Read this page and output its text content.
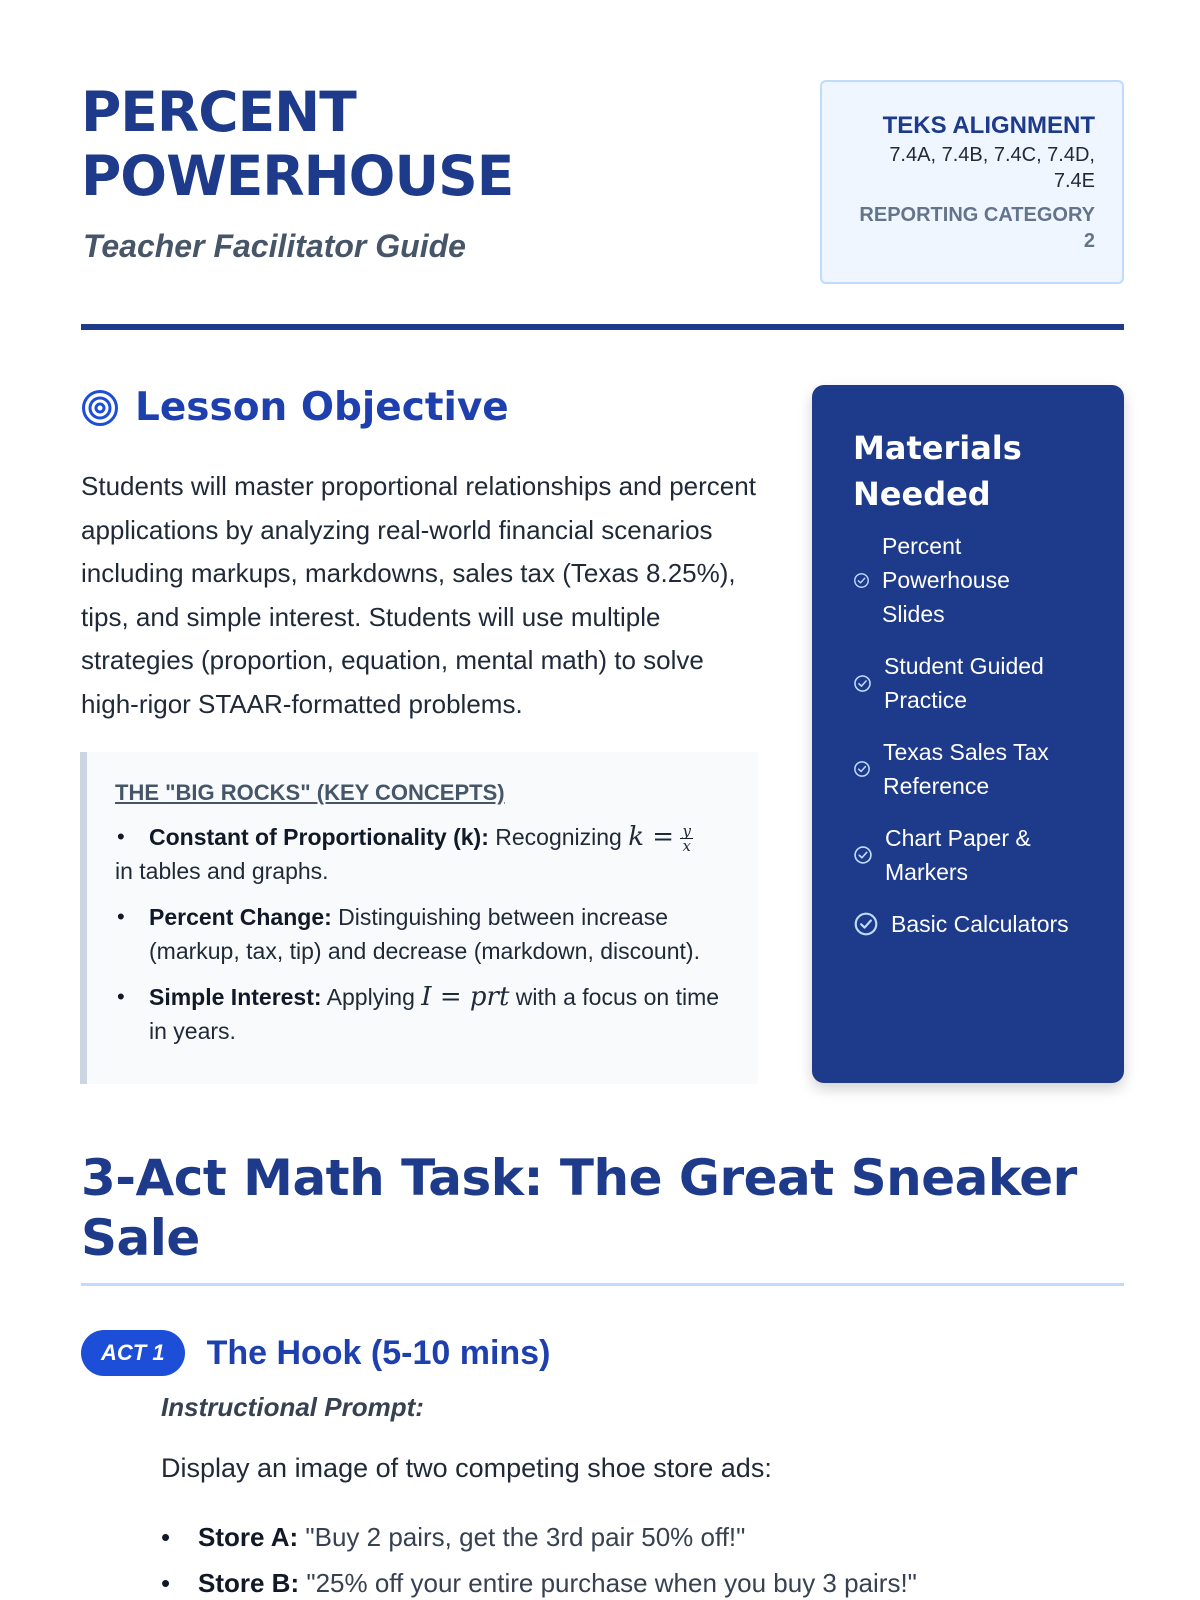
PERCENT
POWERHOUSE
Teacher Facilitator Guide
TEKS ALIGNMENT
7.4A, 7.4B, 7.4C, 7.4D,
7.4E
REPORTING CATEGORY
2
Lesson Objective

Students will master proportional relationships and percent applications by analyzing real-world financial scenarios including markups, markdowns, sales tax (Texas 8.25%), tips, and simple interest. Students will use multiple strategies (proportion, equation, mental math) to solve high-rigor STAAR-formatted problems.

THE "BIG ROCKS" (KEY CONCEPTS)
• Constant of Proportionality (k): Recognizing $k = \frac{y}{x}$
in tables and graphs.
• Percent Change: Distinguishing between increase (markup, tax, tip) and decrease (markdown, discount).
• Simple Interest: Applying I = prt with a focus on time in years.
Materials Needed
Percent Powerhouse Slides
Student Guided Practice
Texas Sales Tax Reference
Chart Paper & Markers
Basic Calculators
3-Act Math Task: The Great Sneaker Sale
ACT 1	The Hook (5-10 mins)
Instructional Prompt:
Display an image of two competing shoe store ads:
• Store A: "Buy 2 pairs, get the 3rd pair 50% off!"
• Store B: "25% off your entire purchase when you buy 3 pairs!"
